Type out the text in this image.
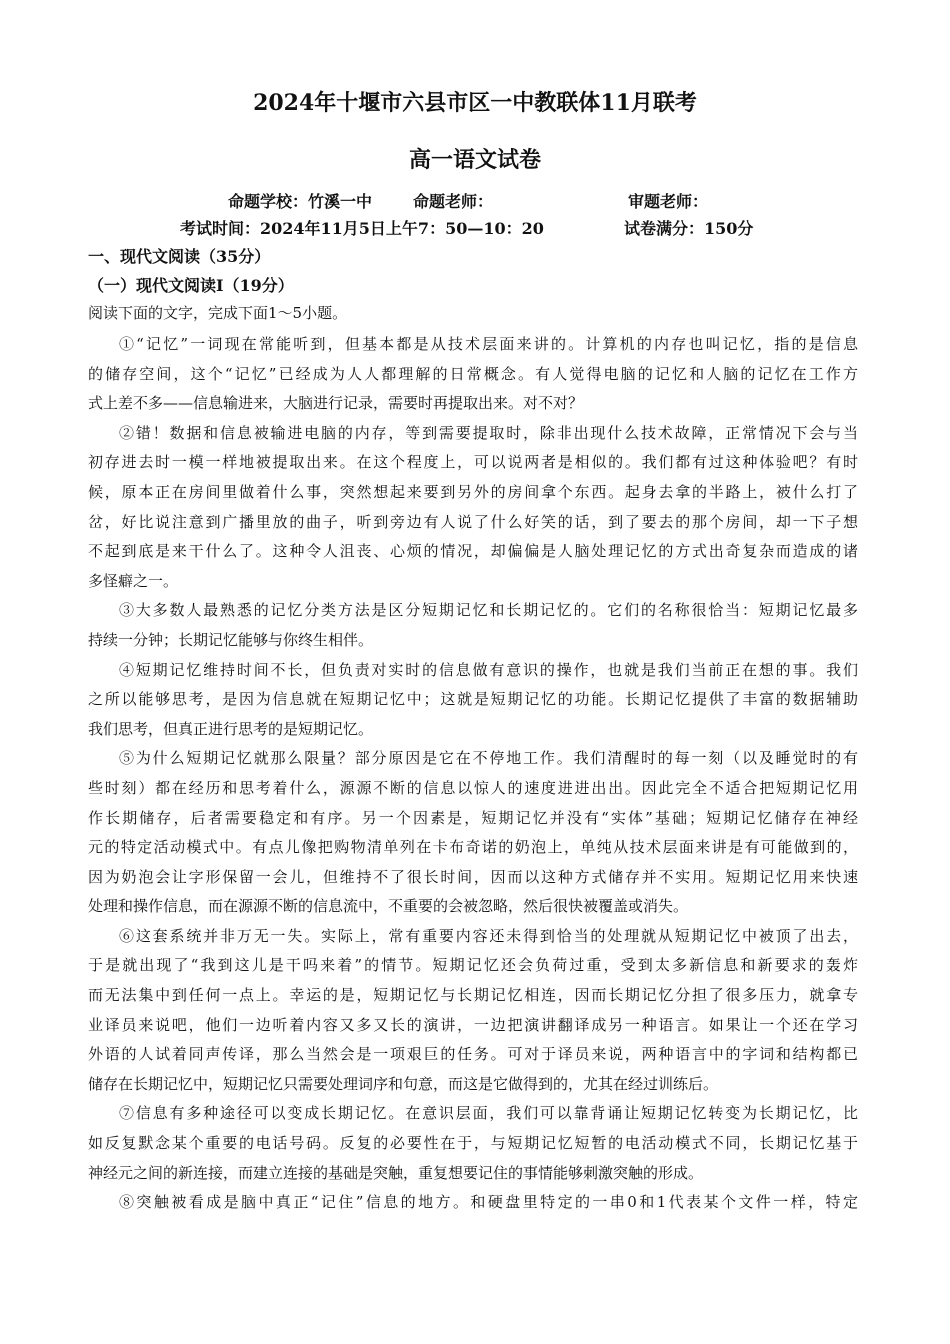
2024年十堰市六县市区一中教联体11月联考
高一语文试卷
命题学校：竹溪一中	命题老师：	审题老师：
考试时间：2024年11月5日上午7：50—10：20	试卷满分：150分
一、现代文阅读（35分）
（一）现代文阅读Ⅰ（19分）
阅读下面的文字，完成下面1～5小题。
①“记忆”一词现在常能听到，但基本都是从技术层面来讲的。计算机的内存也叫记忆，指的是信息
的储存空间，这个“记忆”已经成为人人都理解的日常概念。有人觉得电脑的记忆和人脑的记忆在工作方
式上差不多——信息输进来，大脑进行记录，需要时再提取出来。对不对？
②错！数据和信息被输进电脑的内存，等到需要提取时，除非出现什么技术故障，正常情况下会与当
初存进去时一模一样地被提取出来。在这个程度上，可以说两者是相似的。我们都有过这种体验吧？有时
候，原本正在房间里做着什么事，突然想起来要到另外的房间拿个东西。起身去拿的半路上，被什么打了
岔，好比说注意到广播里放的曲子，听到旁边有人说了什么好笑的话，到了要去的那个房间，却一下子想
不起到底是来干什么了。这种令人沮丧、心烦的情况，却偏偏是人脑处理记忆的方式出奇复杂而造成的诸
多怪癖之一。
③大多数人最熟悉的记忆分类方法是区分短期记忆和长期记忆的。它们的名称很恰当：短期记忆最多
持续一分钟；长期记忆能够与你终生相伴。
④短期记忆维持时间不长，但负责对实时的信息做有意识的操作，也就是我们当前正在想的事。我们
之所以能够思考，是因为信息就在短期记忆中；这就是短期记忆的功能。长期记忆提供了丰富的数据辅助
我们思考，但真正进行思考的是短期记忆。
⑤为什么短期记忆就那么限量？部分原因是它在不停地工作。我们清醒时的每一刻（以及睡觉时的有
些时刻）都在经历和思考着什么，源源不断的信息以惊人的速度进进出出。因此完全不适合把短期记忆用
作长期储存，后者需要稳定和有序。另一个因素是，短期记忆并没有“实体”基础；短期记忆储存在神经
元的特定活动模式中。有点儿像把购物清单列在卡布奇诺的奶泡上，单纯从技术层面来讲是有可能做到的，
因为奶泡会让字形保留一会儿，但维持不了很长时间，因而以这种方式储存并不实用。短期记忆用来快速
处理和操作信息，而在源源不断的信息流中，不重要的会被忽略，然后很快被覆盖或消失。
⑥这套系统并非万无一失。实际上，常有重要内容还未得到恰当的处理就从短期记忆中被顶了出去，
于是就出现了“我到这儿是干吗来着”的情节。短期记忆还会负荷过重，受到太多新信息和新要求的轰炸
而无法集中到任何一点上。幸运的是，短期记忆与长期记忆相连，因而长期记忆分担了很多压力，就拿专
业译员来说吧，他们一边听着内容又多又长的演讲，一边把演讲翻译成另一种语言。如果让一个还在学习
外语的人试着同声传译，那么当然会是一项艰巨的任务。可对于译员来说，两种语言中的字词和结构都已
储存在长期记忆中，短期记忆只需要处理词序和句意，而这是它做得到的，尤其在经过训练后。
⑦信息有多种途径可以变成长期记忆。在意识层面，我们可以靠背诵让短期记忆转变为长期记忆，比
如反复默念某个重要的电话号码。反复的必要性在于，与短期记忆短暂的电活动模式不同，长期记忆基于
神经元之间的新连接，而建立连接的基础是突触，重复想要记住的事情能够刺激突触的形成。
⑧突触被看成是脑中真正“记住”信息的地方。和硬盘里特定的一串0和1代表某个文件一样，特定
